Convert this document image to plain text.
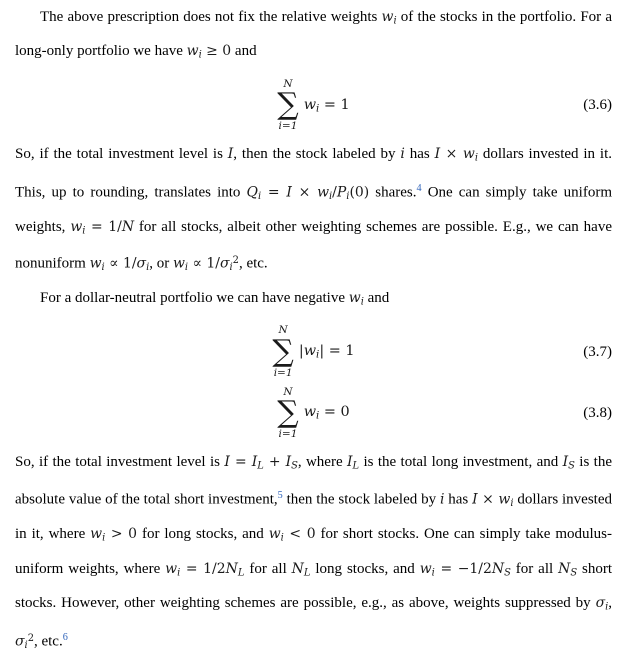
The above prescription does not fix the relative weights wi of the stocks in the portfolio. For a long-only portfolio we have wi ≥ 0 and

N
∑
i=1
wi = 1	(3.6)

So, if the total investment level is I, then the stock labeled by i has I × wi dollars invested in it. This, up to rounding, translates into Qi = I × wi/Pi(0) shares.$^4$ One can simply take uniform weights, wi = 1/N for all stocks, albeit other weighting schemes are possible. E.g., we can have nonuniform wi ∝ 1/σi, or wi ∝ $1/\sigma i^2$, etc.

For a dollar-neutral portfolio we can have negative wi and

N
∑
i=1
|wi| = 1	(3.7)
N
∑
i=1
wi = 0	(3.8)

So, if the total investment level is I = IL + IS, where IL is the total long investment, and IS is the absolute value of the total short investment,$^5$ then the stock labeled by i has I × wi dollars invested in it, where wi > 0 for long stocks, and wi < 0 for short stocks. One can simply take modulus-uniform weights, where wi = 1/2NL for all NL long stocks, and wi = −1/2NS for all NS short stocks. However, other weighting schemes are possible, e.g., as above, weights suppressed by σi, $\sigma i^2$, etc.$^6$
